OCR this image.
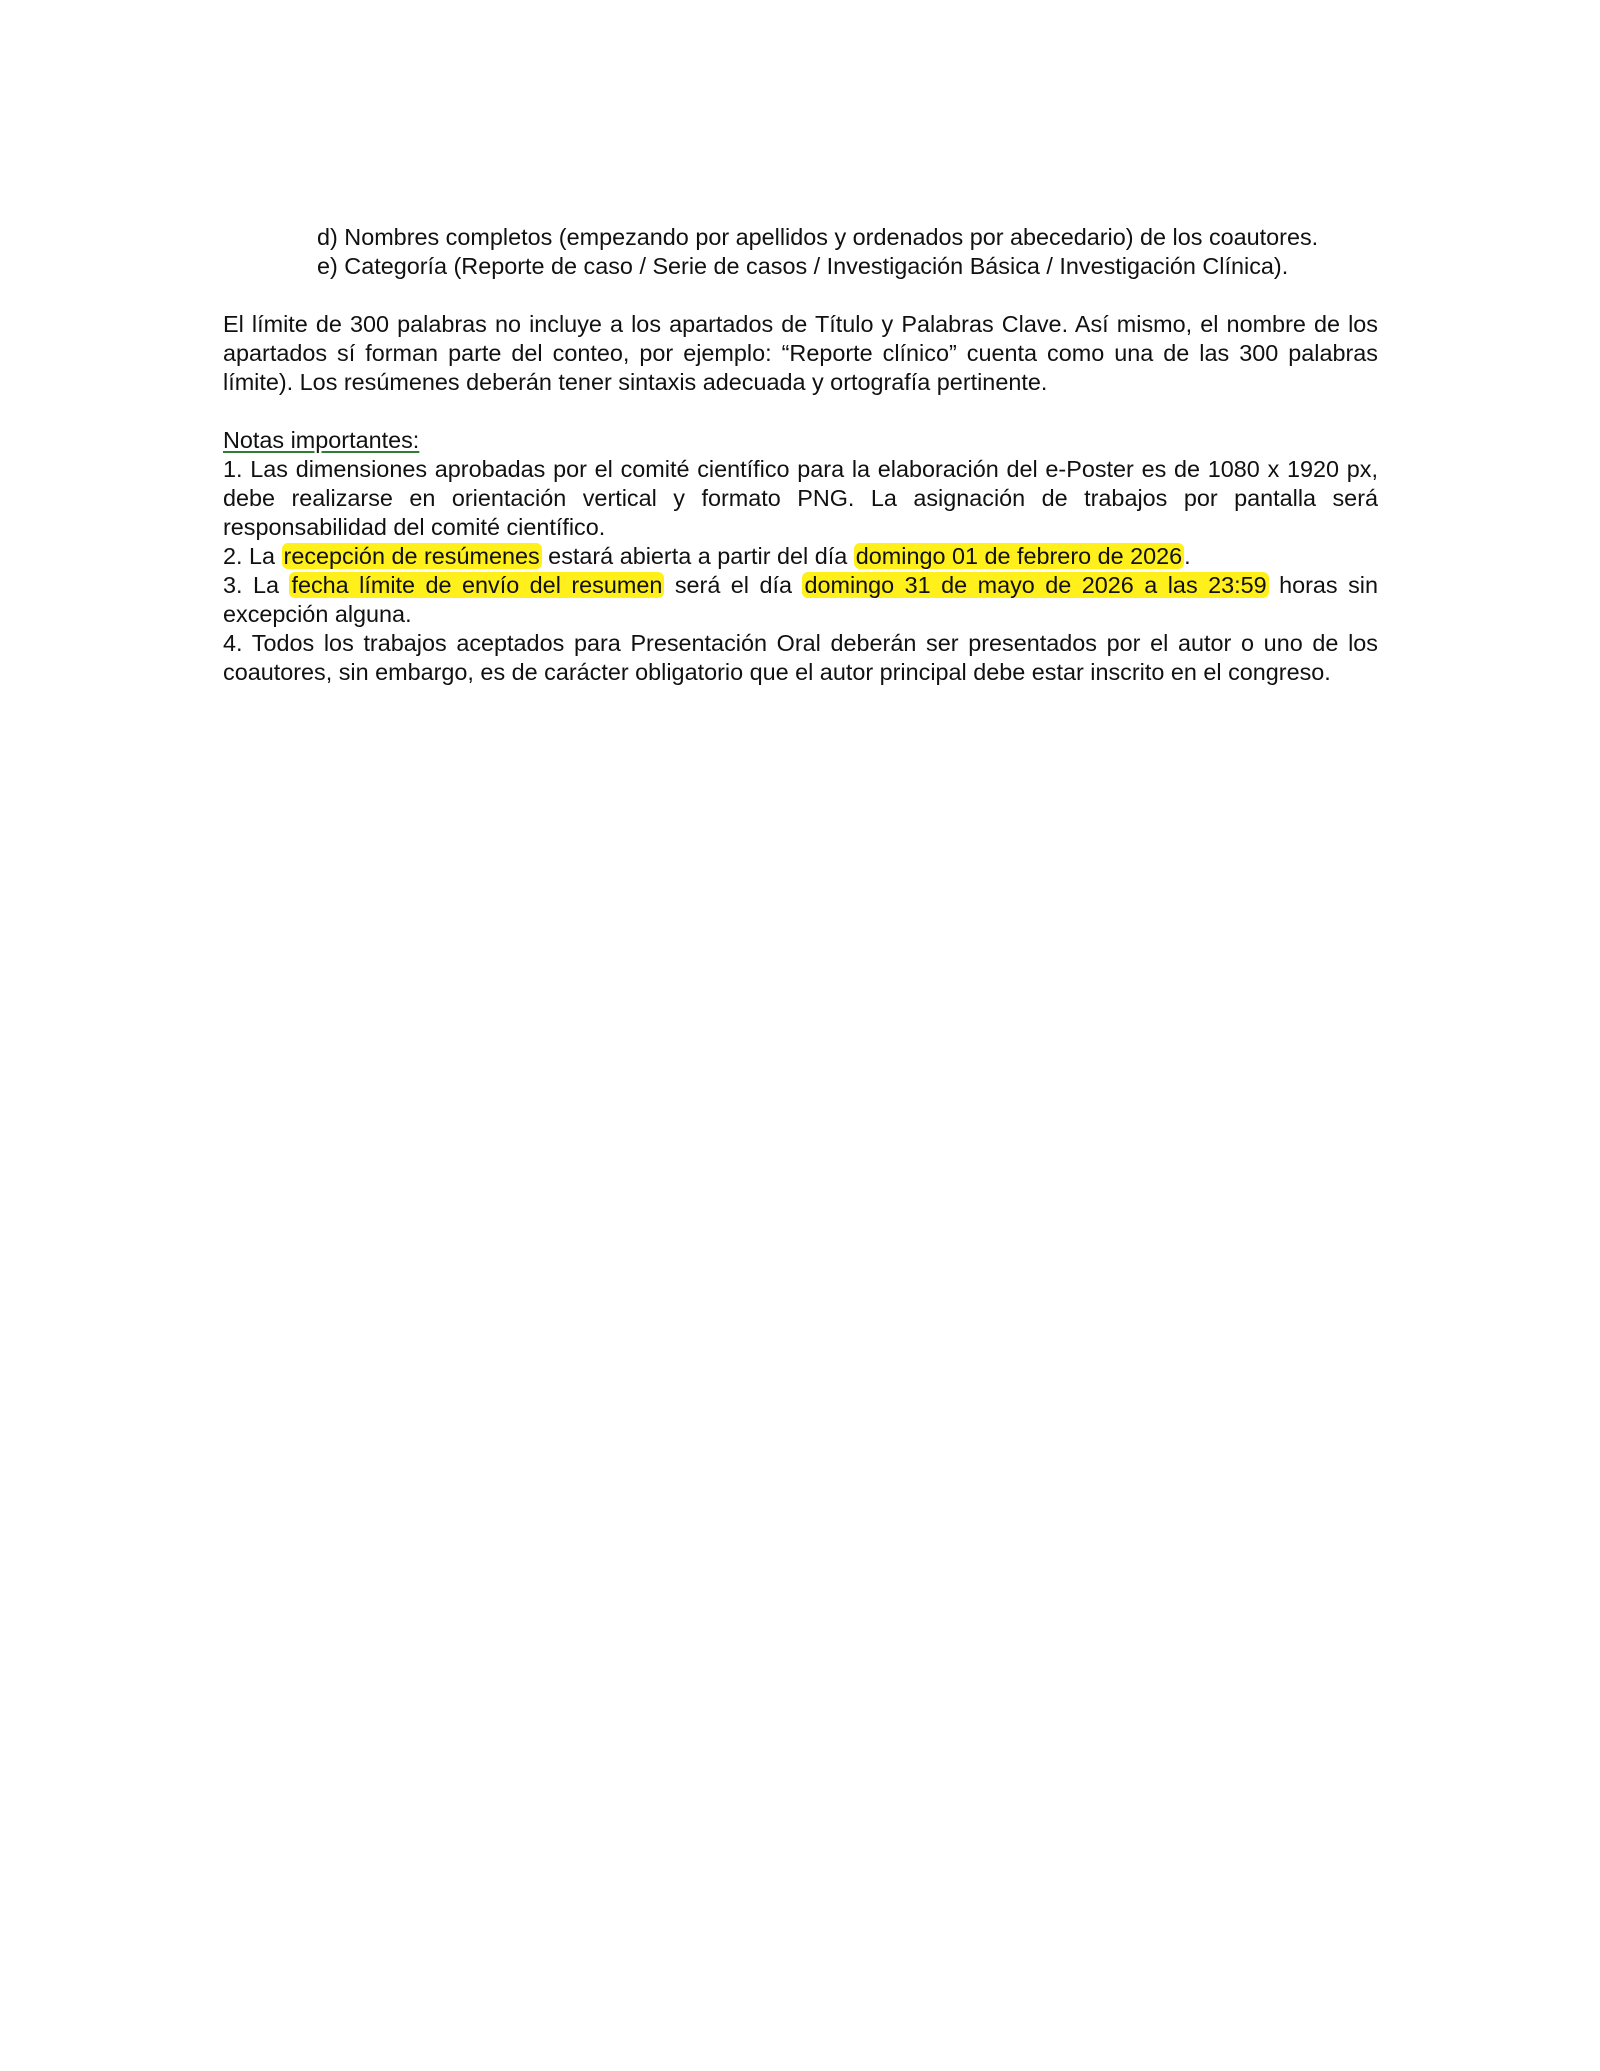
d) Nombres completos (empezando por apellidos y ordenados por abecedario) de los coautores.
e) Categoría (Reporte de caso / Serie de casos / Investigación Básica / Investigación Clínica).

El límite de 300 palabras no incluye a los apartados de Título y Palabras Clave. Así mismo, el nombre de los apartados sí forman parte del conteo, por ejemplo: “Reporte clínico” cuenta como una de las 300 palabras límite). Los resúmenes deberán tener sintaxis adecuada y ortografía pertinente.

Notas importantes:

1. Las dimensiones aprobadas por el comité científico para la elaboración del e-Poster es de 1080 x 1920 px, debe realizarse en orientación vertical y formato PNG. La asignación de trabajos por pantalla será responsabilidad del comité científico.

2. La recepción de resúmenes estará abierta a partir del día domingo 01 de febrero de 2026.

3. La fecha límite de envío del resumen será el día domingo 31 de mayo de 2026 a las 23:59 horas sin excepción alguna.

4. Todos los trabajos aceptados para Presentación Oral deberán ser presentados por el autor o uno de los coautores, sin embargo, es de carácter obligatorio que el autor principal debe estar inscrito en el congreso.
